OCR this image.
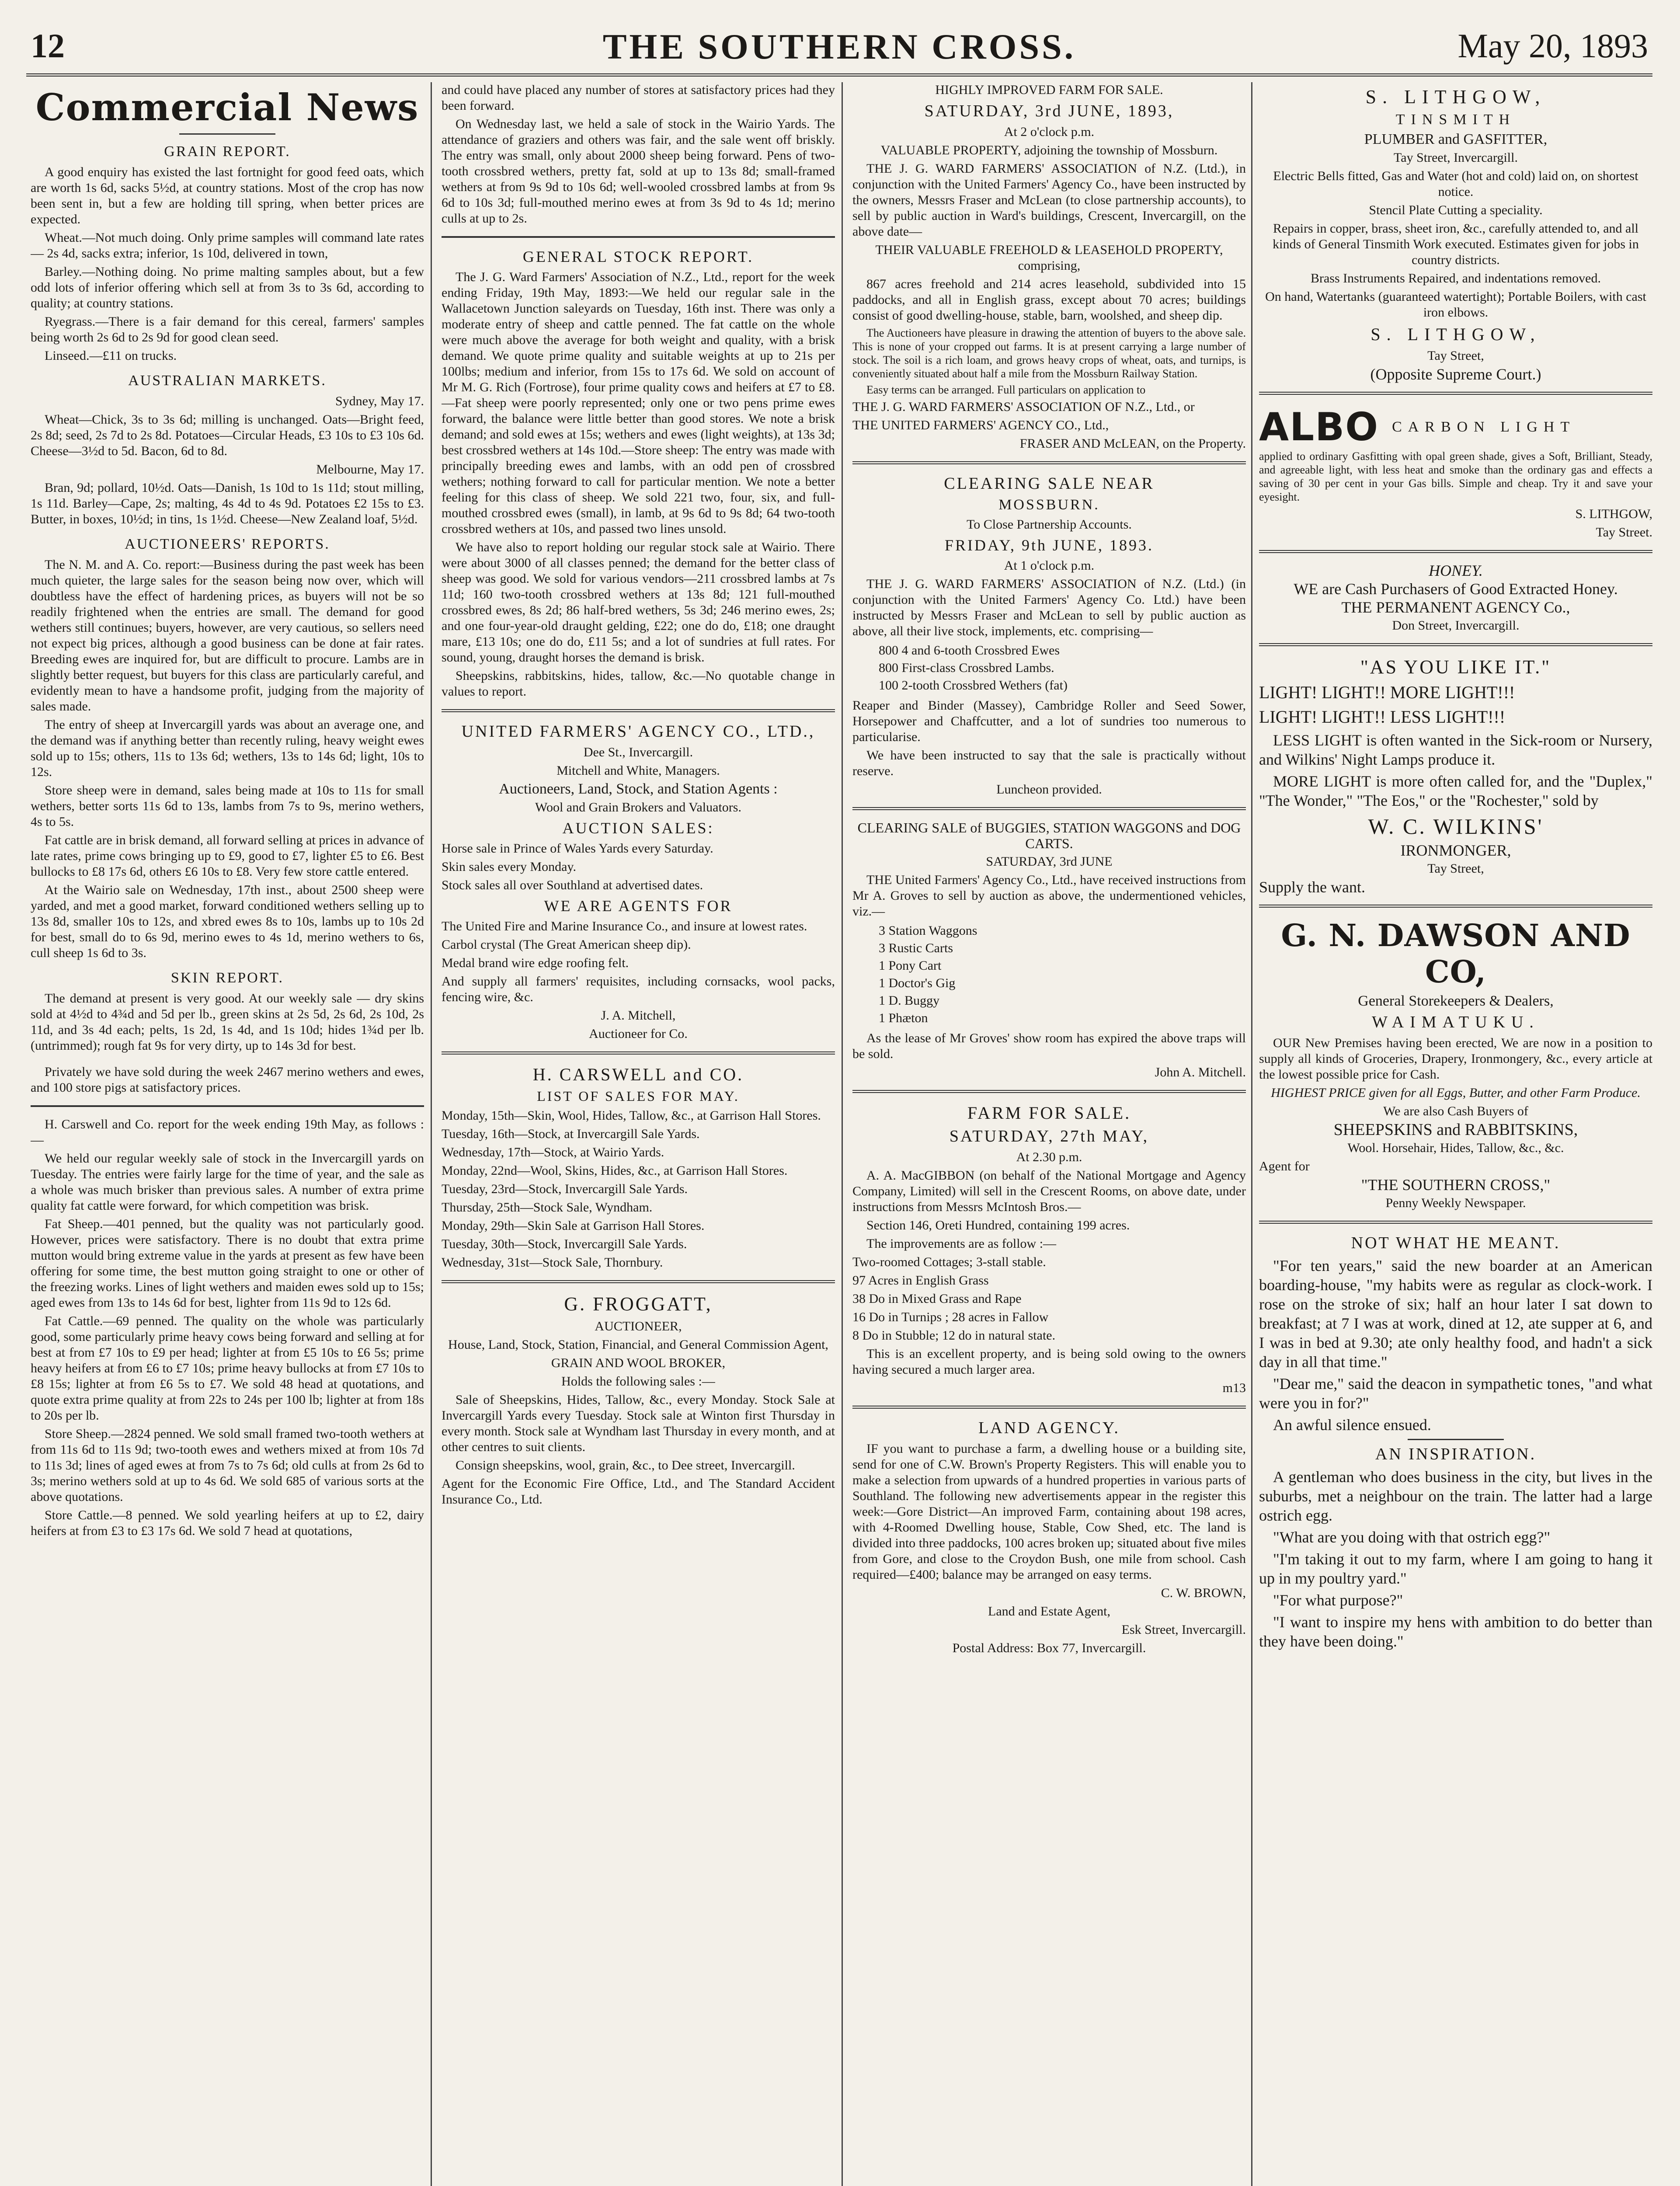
12	THE SOUTHERN CROSS.	May 20, 1893
Commercial News
GRAIN REPORT.

A good enquiry has existed the last fortnight for good feed oats, which are worth 1s 6d, sacks 5½d, at country stations. Most of the crop has now been sent in, but a few are holding till spring, when better prices are expected.

Wheat.—Not much doing. Only prime samples will command late rates — 2s 4d, sacks extra; inferior, 1s 10d, delivered in town,

Barley.—Nothing doing. No prime malting samples about, but a few odd lots of inferior offering which sell at from 3s to 3s 6d, according to quality; at country stations.

Ryegrass.—There is a fair demand for this cereal, farmers' samples being worth 2s 6d to 2s 9d for good clean seed.

Linseed.—£11 on trucks.

AUSTRALIAN MARKETS.

Sydney, May 17.

Wheat—Chick, 3s to 3s 6d; milling is unchanged. Oats—Bright feed, 2s 8d; seed, 2s 7d to 2s 8d. Potatoes—Circular Heads, £3 10s to £3 10s 6d. Cheese—3½d to 5d. Bacon, 6d to 8d.

Melbourne, May 17.

Bran, 9d; pollard, 10½d. Oats—Danish, 1s 10d to 1s 11d; stout milling, 1s 11d. Barley—Cape, 2s; malting, 4s 4d to 4s 9d. Potatoes £2 15s to £3. Butter, in boxes, 10½d; in tins, 1s 1½d. Cheese—New Zealand loaf, 5½d.

AUCTIONEERS' REPORTS.

The N. M. and A. Co. report:—Business during the past week has been much quieter, the large sales for the season being now over, which will doubtless have the effect of hardening prices, as buyers will not be so readily frightened when the entries are small. The demand for good wethers still continues; buyers, however, are very cautious, so sellers need not expect big prices, although a good business can be done at fair rates. Breeding ewes are inquired for, but are difficult to procure. Lambs are in slightly better request, but buyers for this class are particularly careful, and evidently mean to have a handsome profit, judging from the majority of sales made.

The entry of sheep at Invercargill yards was about an average one, and the demand was if anything better than recently ruling, heavy weight ewes sold up to 15s; others, 11s to 13s 6d; wethers, 13s to 14s 6d; light, 10s to 12s.

Store sheep were in demand, sales being made at 10s to 11s for small wethers, better sorts 11s 6d to 13s, lambs from 7s to 9s, merino wethers, 4s to 5s.

Fat cattle are in brisk demand, all forward selling at prices in advance of late rates, prime cows bringing up to £9, good to £7, lighter £5 to £6. Best bullocks to £8 17s 6d, others £6 10s to £8. Very few store cattle entered.

At the Wairio sale on Wednesday, 17th inst., about 2500 sheep were yarded, and met a good market, forward conditioned wethers selling up to 13s 8d, smaller 10s to 12s, and xbred ewes 8s to 10s, lambs up to 10s 2d for best, small do to 6s 9d, merino ewes to 4s 1d, merino wethers to 6s, cull sheep 1s 6d to 3s.

SKIN REPORT.

The demand at present is very good. At our weekly sale — dry skins sold at 4½d to 4¾d and 5d per lb., green skins at 2s 5d, 2s 6d, 2s 10d, 2s 11d, and 3s 4d each; pelts, 1s 2d, 1s 4d, and 1s 10d; hides 1¾d per lb. (untrimmed); rough fat 9s for very dirty, up to 14s 3d for best.

Privately we have sold during the week 2467 merino wethers and ewes, and 100 store pigs at satisfactory prices.

H. Carswell and Co. report for the week ending 19th May, as follows :—

We held our regular weekly sale of stock in the Invercargill yards on Tuesday. The entries were fairly large for the time of year, and the sale as a whole was much brisker than previous sales. A number of extra prime quality fat cattle were forward, for which competition was brisk.

Fat Sheep.—401 penned, but the quality was not particularly good. However, prices were satisfactory. There is no doubt that extra prime mutton would bring extreme value in the yards at present as few have been offering for some time, the best mutton going straight to one or other of the freezing works. Lines of light wethers and maiden ewes sold up to 15s; aged ewes from 13s to 14s 6d for best, lighter from 11s 9d to 12s 6d.

Fat Cattle.—69 penned. The quality on the whole was particularly good, some particularly prime heavy cows being forward and selling at for best at from £7 10s to £9 per head; lighter at from £5 10s to £6 5s; prime heavy heifers at from £6 to £7 10s; prime heavy bullocks at from £7 10s to £8 15s; lighter at from £6 5s to £7. We sold 48 head at quotations, and quote extra prime quality at from 22s to 24s per 100 lb; lighter at from 18s to 20s per lb.

Store Sheep.—2824 penned. We sold small framed two-tooth wethers at from 11s 6d to 11s 9d; two-tooth ewes and wethers mixed at from 10s 7d to 11s 3d; lines of aged ewes at from 7s to 7s 6d; old culls at from 2s 6d to 3s; merino wethers sold at up to 4s 6d. We sold 685 of various sorts at the above quotations.

Store Cattle.—8 penned. We sold yearling heifers at up to £2, dairy heifers at from £3 to £3 17s 6d. We sold 7 head at quotations,

and could have placed any number of stores at satisfactory prices had they been forward.

On Wednesday last, we held a sale of stock in the Wairio Yards. The attendance of graziers and others was fair, and the sale went off briskly. The entry was small, only about 2000 sheep being forward. Pens of two-tooth crossbred wethers, pretty fat, sold at up to 13s 8d; small-framed wethers at from 9s 9d to 10s 6d; well-wooled crossbred lambs at from 9s 6d to 10s 3d; full-mouthed merino ewes at from 3s 9d to 4s 1d; merino culls at up to 2s.

GENERAL STOCK REPORT.

The J. G. Ward Farmers' Association of N.Z., Ltd., report for the week ending Friday, 19th May, 1893:—We held our regular sale in the Wallacetown Junction saleyards on Tuesday, 16th inst. There was only a moderate entry of sheep and cattle penned. The fat cattle on the whole were much above the average for both weight and quality, with a brisk demand. We quote prime quality and suitable weights at up to 21s per 100lbs; medium and inferior, from 15s to 17s 6d. We sold on account of Mr M. G. Rich (Fortrose), four prime quality cows and heifers at £7 to £8.—Fat sheep were poorly represented; only one or two pens prime ewes forward, the balance were little better than good stores. We note a brisk demand; and sold ewes at 15s; wethers and ewes (light weights), at 13s 3d; best crossbred wethers at 14s 10d.—Store sheep: The entry was made with principally breeding ewes and lambs, with an odd pen of crossbred wethers; nothing forward to call for particular mention. We note a better feeling for this class of sheep. We sold 221 two, four, six, and full-mouthed crossbred ewes (small), in lamb, at 9s 6d to 9s 8d; 64 two-tooth crossbred wethers at 10s, and passed two lines unsold.

We have also to report holding our regular stock sale at Wairio. There were about 3000 of all classes penned; the demand for the better class of sheep was good. We sold for various vendors—211 crossbred lambs at 7s 11d; 160 two-tooth crossbred wethers at 13s 8d; 121 full-mouthed crossbred ewes, 8s 2d; 86 half-bred wethers, 5s 3d; 246 merino ewes, 2s; and one four-year-old draught gelding, £22; one do do, £18; one draught mare, £13 10s; one do do, £11 5s; and a lot of sundries at full rates. For sound, young, draught horses the demand is brisk.

Sheepskins, rabbitskins, hides, tallow, &c.—No quotable change in values to report.

UNITED FARMERS' AGENCY CO., LTD.,

Dee St., Invercargill.

Mitchell and White, Managers.

Auctioneers, Land, Stock, and Station Agents :

Wool and Grain Brokers and Valuators.

AUCTION SALES:

Horse sale in Prince of Wales Yards every Saturday.

Skin sales every Monday.

Stock sales all over Southland at advertised dates.

WE ARE AGENTS FOR

The United Fire and Marine Insurance Co., and insure at lowest rates.

Carbol crystal (The Great American sheep dip).

Medal brand wire edge roofing felt.

And supply all farmers' requisites, including cornsacks, wool packs, fencing wire, &c.

J. A. Mitchell,

Auctioneer for Co.

H. CARSWELL and CO.
LIST OF SALES FOR MAY.

Monday, 15th—Skin, Wool, Hides, Tallow, &c., at Garrison Hall Stores.

Tuesday, 16th—Stock, at Invercargill Sale Yards.

Wednesday, 17th—Stock, at Wairio Yards.

Monday, 22nd—Wool, Skins, Hides, &c., at Garrison Hall Stores.

Tuesday, 23rd—Stock, Invercargill Sale Yards.

Thursday, 25th—Stock Sale, Wyndham.

Monday, 29th—Skin Sale at Garrison Hall Stores.

Tuesday, 30th—Stock, Invercargill Sale Yards.

Wednesday, 31st—Stock Sale, Thornbury.

G. FROGGATT,

AUCTIONEER,

House, Land, Stock, Station, Financial, and General Commission Agent,

GRAIN AND WOOL BROKER,

Holds the following sales :—

Sale of Sheepskins, Hides, Tallow, &c., every Monday. Stock Sale at Invercargill Yards every Tuesday. Stock sale at Winton first Thursday in every month. Stock sale at Wyndham last Thursday in every month, and at other centres to suit clients.

Consign sheepskins, wool, grain, &c., to Dee street, Invercargill.

Agent for the Economic Fire Office, Ltd., and The Standard Accident Insurance Co., Ltd.

HIGHLY IMPROVED FARM FOR SALE.

SATURDAY, 3rd JUNE, 1893,

At 2 o'clock p.m.

VALUABLE PROPERTY, adjoining the township of Mossburn.

THE J. G. WARD FARMERS' ASSOCIATION of N.Z. (Ltd.), in conjunction with the United Farmers' Agency Co., have been instructed by the owners, Messrs Fraser and McLean (to close partnership accounts), to sell by public auction in Ward's buildings, Crescent, Invercargill, on the above date—

THEIR VALUABLE FREEHOLD & LEASEHOLD PROPERTY, comprising,

867 acres freehold and 214 acres leasehold, subdivided into 15 paddocks, and all in English grass, except about 70 acres; buildings consist of good dwelling-house, stable, barn, woolshed, and sheep dip.

The Auctioneers have pleasure in drawing the attention of buyers to the above sale. This is none of your cropped out farms. It is at present carrying a large number of stock. The soil is a rich loam, and grows heavy crops of wheat, oats, and turnips, is conveniently situated about half a mile from the Mossburn Railway Station.

Easy terms can be arranged. Full particulars on application to

THE J. G. WARD FARMERS' ASSOCIATION OF N.Z., Ltd., or

THE UNITED FARMERS' AGENCY CO., Ltd.,

FRASER AND McLEAN, on the Property.

CLEARING SALE NEAR
MOSSBURN.

To Close Partnership Accounts.

FRIDAY, 9th JUNE, 1893.

At 1 o'clock p.m.

THE J. G. WARD FARMERS' ASSOCIATION of N.Z. (Ltd.) (in conjunction with the United Farmers' Agency Co. Ltd.) have been instructed by Messrs Fraser and McLean to sell by public auction as above, all their live stock, implements, etc. comprising—

800 4 and 6-tooth Crossbred Ewes
800 First-class Crossbred Lambs.
100 2-tooth Crossbred Wethers (fat)

Reaper and Binder (Massey), Cambridge Roller and Seed Sower, Horsepower and Chaffcutter, and a lot of sundries too numerous to particularise.

We have been instructed to say that the sale is practically without reserve.

Luncheon provided.

CLEARING SALE of BUGGIES, STATION WAGGONS and DOG CARTS.

SATURDAY, 3rd JUNE

THE United Farmers' Agency Co., Ltd., have received instructions from Mr A. Groves to sell by auction as above, the undermentioned vehicles, viz.—

3 Station Waggons
3 Rustic Carts
1 Pony Cart
1 Doctor's Gig
1 D. Buggy
1 Phæton

As the lease of Mr Groves' show room has expired the above traps will be sold.

John A. Mitchell.

FARM FOR SALE.
SATURDAY, 27th MAY,

At 2.30 p.m.

A. A. MacGIBBON (on behalf of the National Mortgage and Agency Company, Limited) will sell in the Crescent Rooms, on above date, under instructions from Messrs McIntosh Bros.—

Section 146, Oreti Hundred, containing 199 acres.

The improvements are as follow :—

Two-roomed Cottages; 3-stall stable.

97 Acres in English Grass

38 Do in Mixed Grass and Rape

16 Do in Turnips ; 28 acres in Fallow

8 Do in Stubble; 12 do in natural state.

This is an excellent property, and is being sold owing to the owners having secured a much larger area.

m13

LAND AGENCY.

IF you want to purchase a farm, a dwelling house or a building site, send for one of C.W. Brown's Property Registers. This will enable you to make a selection from upwards of a hundred properties in various parts of Southland. The following new advertisements appear in the register this week:—Gore District—An improved Farm, containing about 198 acres, with 4-Roomed Dwelling house, Stable, Cow Shed, etc. The land is divided into three paddocks, 100 acres broken up; situated about five miles from Gore, and close to the Croydon Bush, one mile from school. Cash required—£400; balance may be arranged on easy terms.

C. W. BROWN,

Land and Estate Agent,

Esk Street, Invercargill.

Postal Address: Box 77, Invercargill.

S. LITHGOW,
TINSMITH

PLUMBER and GASFITTER,

Tay Street, Invercargill.

Electric Bells fitted, Gas and Water (hot and cold) laid on, on shortest notice.

Stencil Plate Cutting a speciality.

Repairs in copper, brass, sheet iron, &c., carefully attended to, and all kinds of General Tinsmith Work executed. Estimates given for jobs in country districts.

Brass Instruments Repaired, and indentations removed.

On hand, Watertanks (guaranteed watertight); Portable Boilers, with cast iron elbows.

S. LITHGOW,

Tay Street,

(Opposite Supreme Court.)

ALBO CARBON LIGHT

applied to ordinary Gasfitting with opal green shade, gives a Soft, Brilliant, Steady, and agreeable light, with less heat and smoke than the ordinary gas and effects a saving of 30 per cent in your Gas bills. Simple and cheap. Try it and save your eyesight.

S. LITHGOW,

Tay Street.

HONEY.

WE are Cash Purchasers of Good Extracted Honey.

THE PERMANENT AGENCY Co.,

Don Street, Invercargill.

"AS YOU LIKE IT."

LIGHT! LIGHT!! MORE LIGHT!!!

LIGHT! LIGHT!! LESS LIGHT!!!

LESS LIGHT is often wanted in the Sick-room or Nursery, and Wilkins' Night Lamps produce it.

MORE LIGHT is more often called for, and the "Duplex," "The Wonder," "The Eos," or the "Rochester," sold by

W. C. WILKINS'

IRONMONGER,

Tay Street,

Supply the want.

G. N. DAWSON AND CO,

General Storekeepers & Dealers,

WAIMATUKU.

OUR New Premises having been erected, We are now in a position to supply all kinds of Groceries, Drapery, Ironmongery, &c., every article at the lowest possible price for Cash.

HIGHEST PRICE given for all Eggs, Butter, and other Farm Produce.

We are also Cash Buyers of

SHEEPSKINS and RABBITSKINS,

Wool. Horsehair, Hides, Tallow, &c., &c.

Agent for

"THE SOUTHERN CROSS,"

Penny Weekly Newspaper.

NOT WHAT HE MEANT.

"For ten years," said the new boarder at an American boarding-house, "my habits were as regular as clock-work. I rose on the stroke of six; half an hour later I sat down to breakfast; at 7 I was at work, dined at 12, ate supper at 6, and I was in bed at 9.30; ate only healthy food, and hadn't a sick day in all that time."

"Dear me," said the deacon in sympathetic tones, "and what were you in for?"

An awful silence ensued.

AN INSPIRATION.

A gentleman who does business in the city, but lives in the suburbs, met a neighbour on the train. The latter had a large ostrich egg.

"What are you doing with that ostrich egg?"

"I'm taking it out to my farm, where I am going to hang it up in my poultry yard."

"For what purpose?"

"I want to inspire my hens with ambition to do better than they have been doing."
